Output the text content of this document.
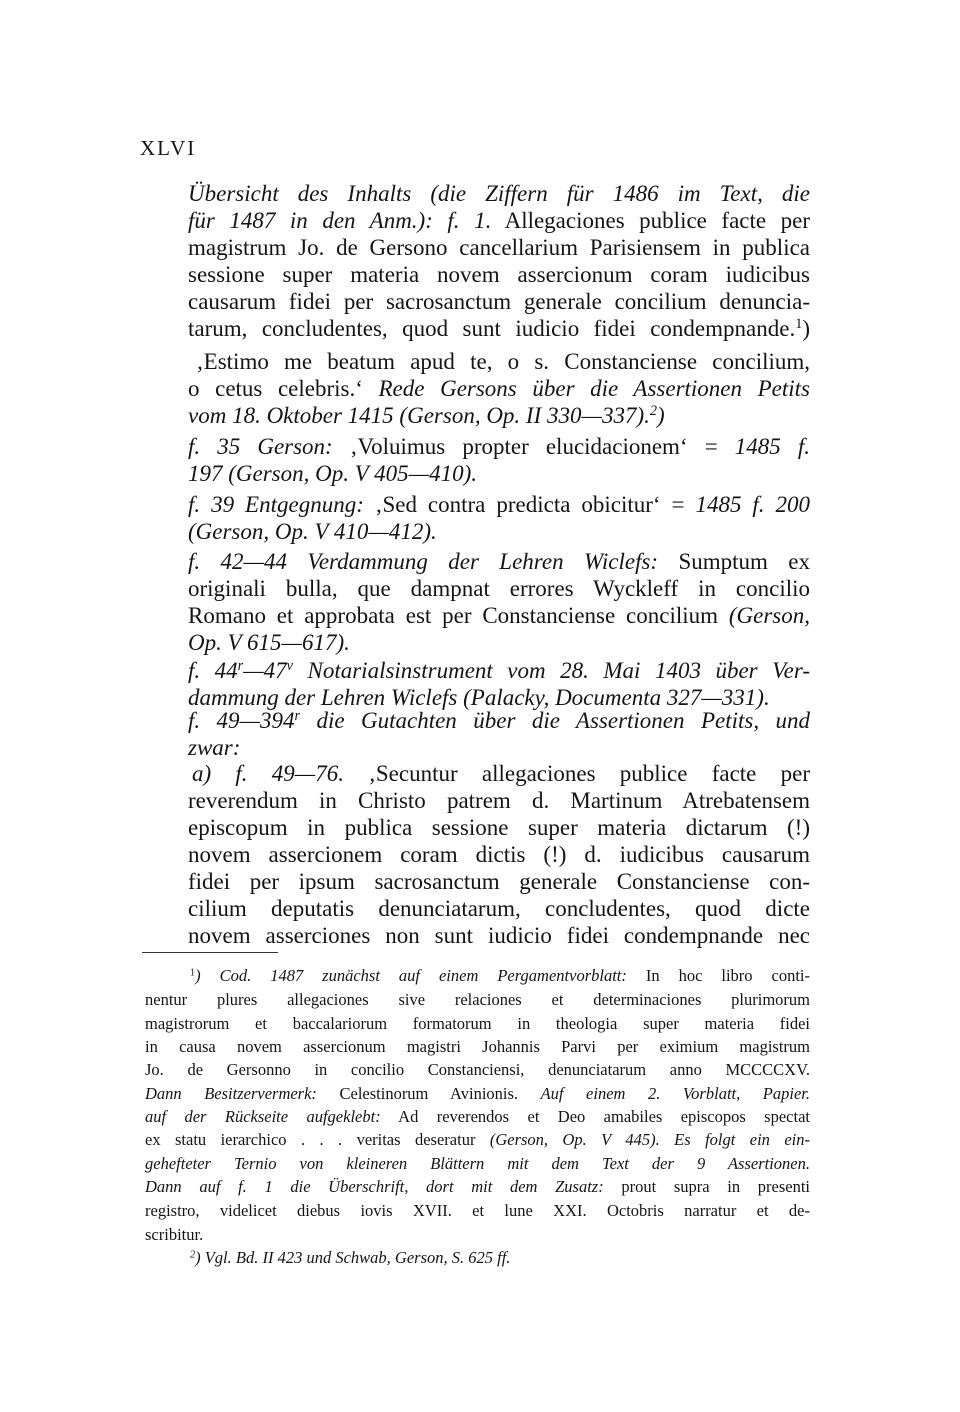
XLVI

Übersicht des Inhalts (die Ziffern für 1486 im Text, die

für 1487 in den Anm.): f. 1. Allegaciones publice facte per

magistrum Jo. de Gersono cancellarium Parisiensem in publica

sessione super materia novem assercionum coram iudicibus

causarum fidei per sacrosanctum generale concilium denuncia-

tarum, concludentes, quod sunt iudicio fidei condempnande.$^1$)

‚Estimo me beatum apud te, o s. Constanciense concilium,

o cetus celebris.‘ Rede Gersons über die Assertionen Petits

vom 18. Oktober 1415 (Gerson, Op. II 330—337).$^2$)

f. 35 Gerson: ‚Voluimus propter elucidacionem‘ = 1485 f.

197 (Gerson, Op. V 405—410).

f. 39 Entgegnung: ‚Sed contra predicta obicitur‘ = 1485 f. 200

(Gerson, Op. V 410—412).

f. 42—44 Verdammung der Lehren Wiclefs: Sumptum ex

originali bulla, que dampnat errores Wyckleff in concilio

Romano et approbata est per Constanciense concilium (Gerson,

Op. V 615—617).

f. 44$^r$—47$^v$ Notarialsinstrument vom 28. Mai 1403 über Ver-

dammung der Lehren Wiclefs (Palacky, Documenta 327—331).

f. 49—394$^r$ die Gutachten über die Assertionen Petits, und

zwar:

a) f. 49—76. ‚Secuntur allegaciones publice facte per

reverendum in Christo patrem d. Martinum Atrebatensem

episcopum in publica sessione super materia dictarum (!)

novem assercionem coram dictis (!) d. iudicibus causarum

fidei per ipsum sacrosanctum generale Constanciense con-

cilium deputatis denunciatarum, concludentes, quod dicte

novem asserciones non sunt iudicio fidei condempnande nec

$^1$) Cod. 1487 zunächst auf einem Pergamentvorblatt: In hoc libro conti-

nentur plures allegaciones sive relaciones et determinaciones plurimorum

magistrorum et baccalariorum formatorum in theologia super materia fidei

in causa novem assercionum magistri Johannis Parvi per eximium magistrum

Jo. de Gersonno in concilio Constanciensi, denunciatarum anno MCCCCXV.

Dann Besitzervermerk: Celestinorum Avinionis. Auf einem 2. Vorblatt, Papier.

auf der Rückseite aufgeklebt: Ad reverendos et Deo amabiles episcopos spectat

ex statu ierarchico . . . veritas deseratur (Gerson, Op. V 445). Es folgt ein ein-

gehefteter Ternio von kleineren Blättern mit dem Text der 9 Assertionen.

Dann auf f. 1 die Überschrift, dort mit dem Zusatz: prout supra in presenti

registro, videlicet diebus iovis XVII. et lune XXI. Octobris narratur et de-

scribitur.

$^2$) Vgl. Bd. II 423 und Schwab, Gerson, S. 625 ff.
